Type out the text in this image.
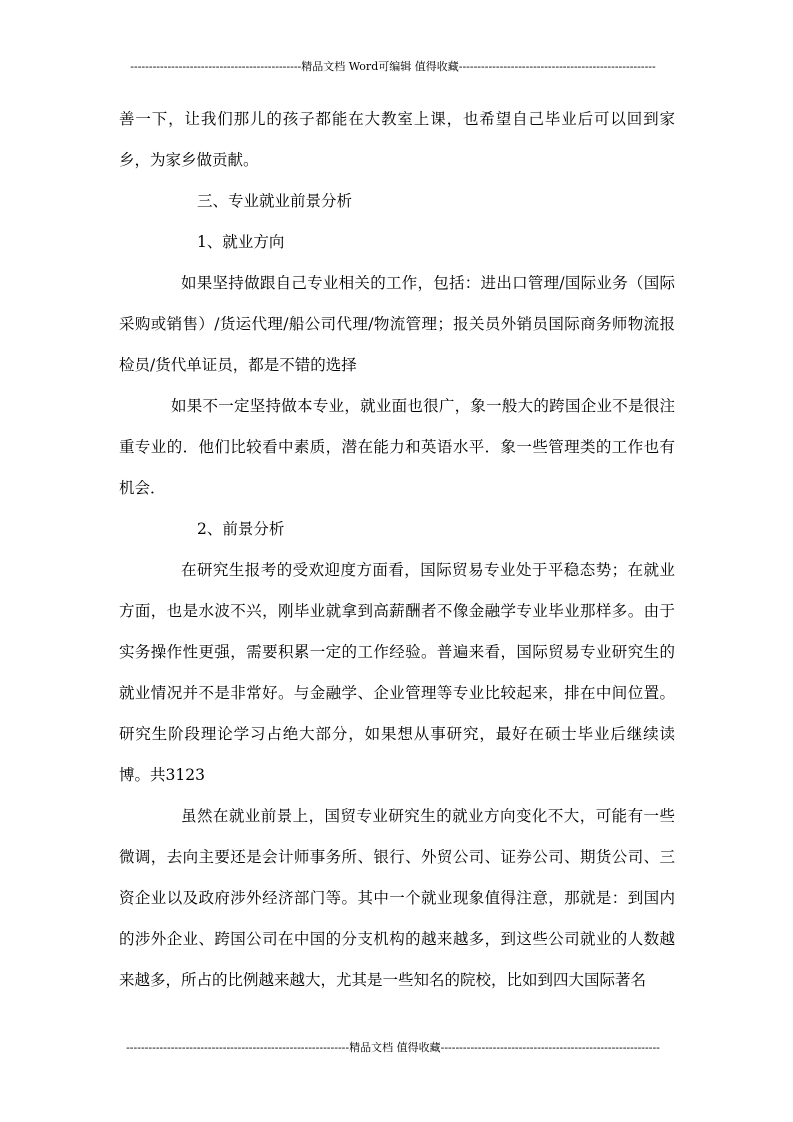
----------------------------------------------精品文档 Word可编辑 值得收藏-----------------------------------------------------

善一下，让我们那儿的孩子都能在大教室上课，也希望自己毕业后可以回到家乡，为家乡做贡献。

三、专业就业前景分析

1、就业方向

如果坚持做跟自己专业相关的工作，包括：进出口管理/国际业务（国际采购或销售）/货运代理/船公司代理/物流管理；报关员外销员国际商务师物流报检员/货代单证员，都是不错的选择

如果不一定坚持做本专业，就业面也很广，象一般大的跨国企业不是很注重专业的．他们比较看中素质，潜在能力和英语水平．象一些管理类的工作也有机会．

2、前景分析

在研究生报考的受欢迎度方面看，国际贸易专业处于平稳态势；在就业方面，也是水波不兴，刚毕业就拿到高薪酬者不像金融学专业毕业那样多。由于实务操作性更强，需要积累一定的工作经验。普遍来看，国际贸易专业研究生的就业情况并不是非常好。与金融学、企业管理等专业比较起来，排在中间位置。研究生阶段理论学习占绝大部分，如果想从事研究，最好在硕士毕业后继续读博。共3123

虽然在就业前景上，国贸专业研究生的就业方向变化不大，可能有一些微调，去向主要还是会计师事务所、银行、外贸公司、证券公司、期货公司、三资企业以及政府涉外经济部门等。其中一个就业现象值得注意，那就是：到国内的涉外企业、跨国公司在中国的分支机构的越来越多，到这些公司就业的人数越来越多，所占的比例越来越大，尤其是一些知名的院校，比如到四大国际著名

------------------------------------------------------------精品文档 值得收藏-----------------------------------------------------------
